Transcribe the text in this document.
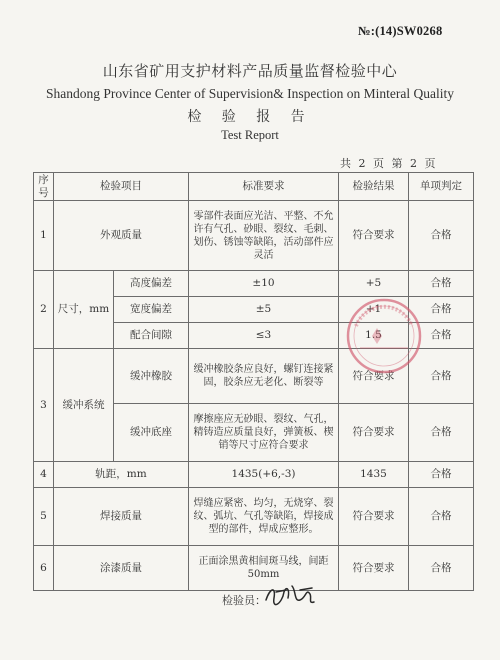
№:(14)SW0268
山东省矿用支护材料产品质量监督检验中心
Shandong Province Center of Supervision& Inspection on Minteral Quality
检 验 报 告
Test Report
共 2 页 第 2 页
序号	检验项目		标准要求	检验结果	单项判定
1	外观质量		零部件表面应光洁、平整、不允许有气孔、砂眼、裂纹、毛刺、划伤、锈蚀等缺陷，活动部件应灵活	符合要求	合格
2	尺寸，mm	高度偏差	±10	+5	合格
		宽度偏差	±5	+1	合格
		配合间隙	≤3	1.5	合格
3	缓冲系统	缓冲橡胶	缓冲橡胶条应良好，螺钉连接紧固，胶条应无老化、断裂等	符合要求	合格
		缓冲底座	摩擦座应无砂眼、裂纹、气孔，精铸造应质量良好，弹簧板、楔销等尺寸应符合要求	符合要求	合格
4	轨距，mm		1435(+6,-3)	1435	合格
5	焊接质量		焊缝应紧密、均匀，无烧穿、裂纹、弧坑、气孔等缺陷，焊接成型的部件，焊成应整形。	符合要求	合格
6	涂漆质量		正面涂黑黄相间斑马线，间距50mm	符合要求	合格
检验员：
